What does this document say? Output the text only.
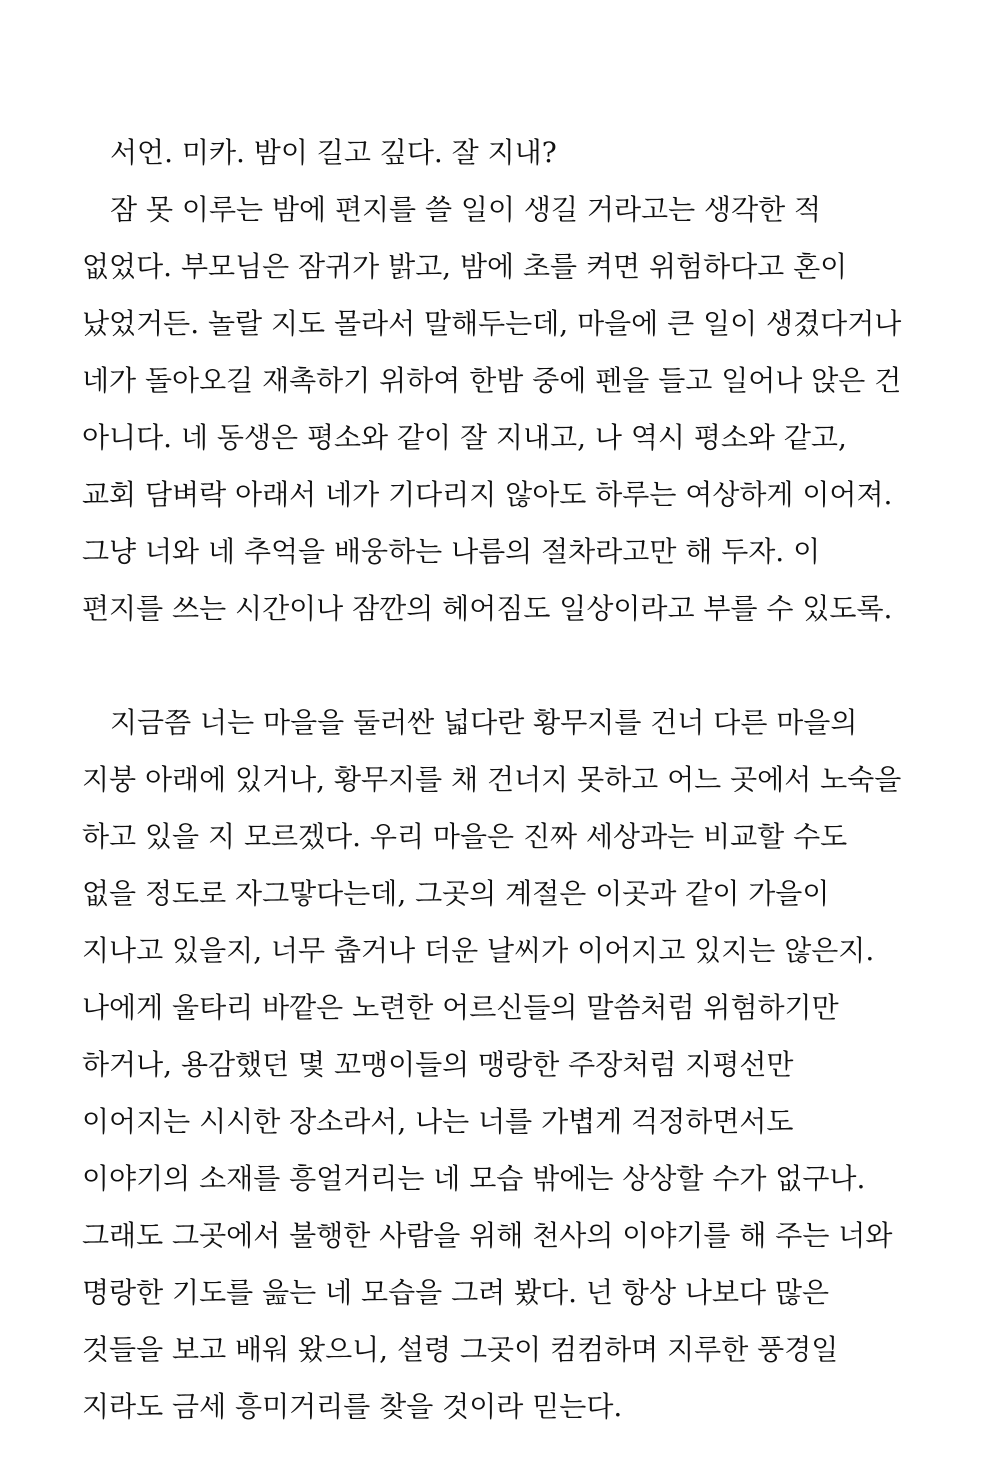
서언. 미카. 밤이 길고 깊다. 잘 지내?
잠 못 이루는 밤에 편지를 쓸 일이 생길 거라고는 생각한 적
없었다. 부모님은 잠귀가 밝고, 밤에 초를 켜면 위험하다고 혼이
났었거든. 놀랄 지도 몰라서 말해두는데, 마을에 큰 일이 생겼다거나
네가 돌아오길 재촉하기 위하여 한밤 중에 펜을 들고 일어나 앉은 건
아니다. 네 동생은 평소와 같이 잘 지내고, 나 역시 평소와 같고,
교회 담벼락 아래서 네가 기다리지 않아도 하루는 여상하게 이어져.
그냥 너와 네 추억을 배웅하는 나름의 절차라고만 해 두자. 이
편지를 쓰는 시간이나 잠깐의 헤어짐도 일상이라고 부를 수 있도록.
지금쯤 너는 마을을 둘러싼 넓다란 황무지를 건너 다른 마을의
지붕 아래에 있거나, 황무지를 채 건너지 못하고 어느 곳에서 노숙을
하고 있을 지 모르겠다. 우리 마을은 진짜 세상과는 비교할 수도
없을 정도로 자그맣다는데, 그곳의 계절은 이곳과 같이 가을이
지나고 있을지, 너무 춥거나 더운 날씨가 이어지고 있지는 않은지.
나에게 울타리 바깥은 노련한 어르신들의 말씀처럼 위험하기만
하거나, 용감했던 몇 꼬맹이들의 맹랑한 주장처럼 지평선만
이어지는 시시한 장소라서, 나는 너를 가볍게 걱정하면서도
이야기의 소재를 흥얼거리는 네 모습 밖에는 상상할 수가 없구나.
그래도 그곳에서 불행한 사람을 위해 천사의 이야기를 해 주는 너와
명랑한 기도를 읊는 네 모습을 그려 봤다. 넌 항상 나보다 많은
것들을 보고 배워 왔으니, 설령 그곳이 컴컴하며 지루한 풍경일
지라도 금세 흥미거리를 찾을 것이라 믿는다.
